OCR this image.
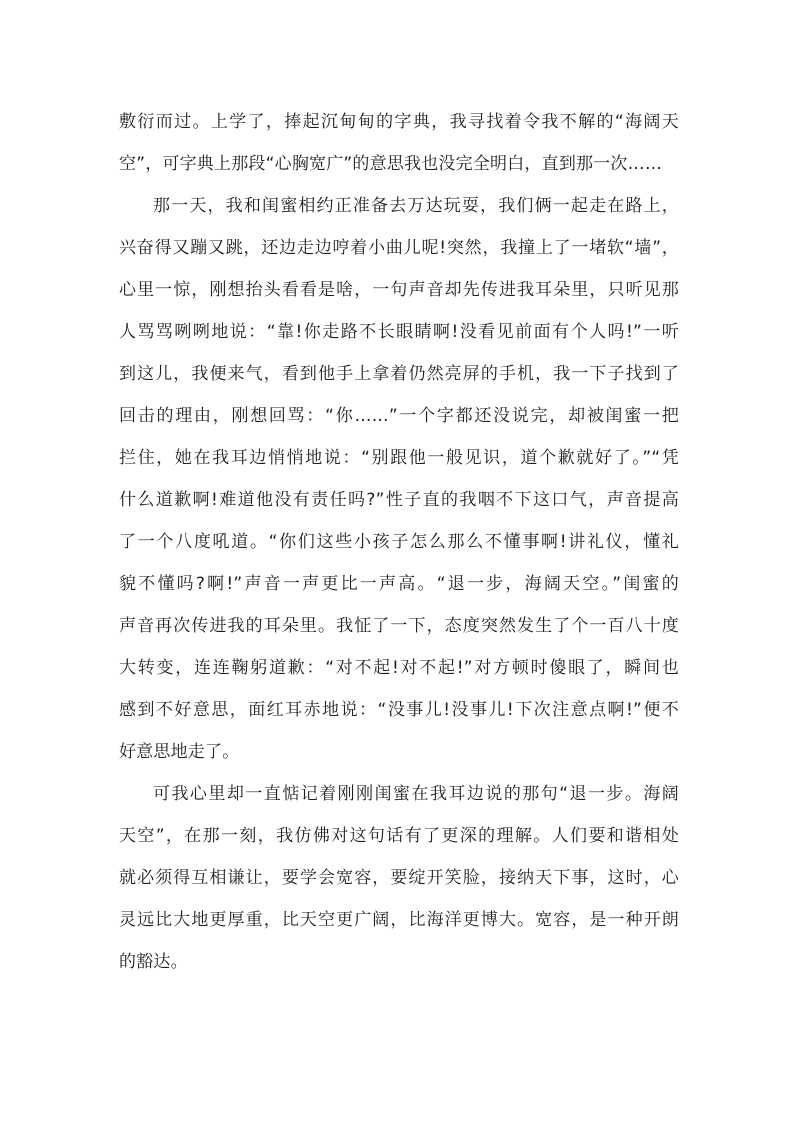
敷衍而过。上学了，捧起沉甸甸的字典，我寻找着令我不解的“海阔天
空”，可字典上那段“心胸宽广”的意思我也没完全明白，直到那一次……
那一天，我和闺蜜相约正准备去万达玩耍，我们俩一起走在路上，
兴奋得又蹦又跳，还边走边哼着小曲儿呢!突然，我撞上了一堵软“墙”，
心里一惊，刚想抬头看看是啥，一句声音却先传进我耳朵里，只听见那
人骂骂咧咧地说：“靠!你走路不长眼睛啊!没看见前面有个人吗!”一听
到这儿，我便来气，看到他手上拿着仍然亮屏的手机，我一下子找到了
回击的理由，刚想回骂：“你……”一个字都还没说完，却被闺蜜一把
拦住，她在我耳边悄悄地说：“别跟他一般见识，道个歉就好了。”“凭
什么道歉啊!难道他没有责任吗?”性子直的我咽不下这口气，声音提高
了一个八度吼道。“你们这些小孩子怎么那么不懂事啊!讲礼仪，懂礼
貌不懂吗?啊!”声音一声更比一声高。“退一步，海阔天空。”闺蜜的
声音再次传进我的耳朵里。我怔了一下，态度突然发生了个一百八十度
大转变，连连鞠躬道歉：“对不起!对不起!”对方顿时傻眼了，瞬间也
感到不好意思，面红耳赤地说：“没事儿!没事儿!下次注意点啊!”便不
好意思地走了。
可我心里却一直惦记着刚刚闺蜜在我耳边说的那句“退一步。海阔
天空”，在那一刻，我仿佛对这句话有了更深的理解。人们要和谐相处
就必须得互相谦让，要学会宽容，要绽开笑脸，接纳天下事，这时，心
灵远比大地更厚重，比天空更广阔，比海洋更博大。宽容，是一种开朗
的豁达。
